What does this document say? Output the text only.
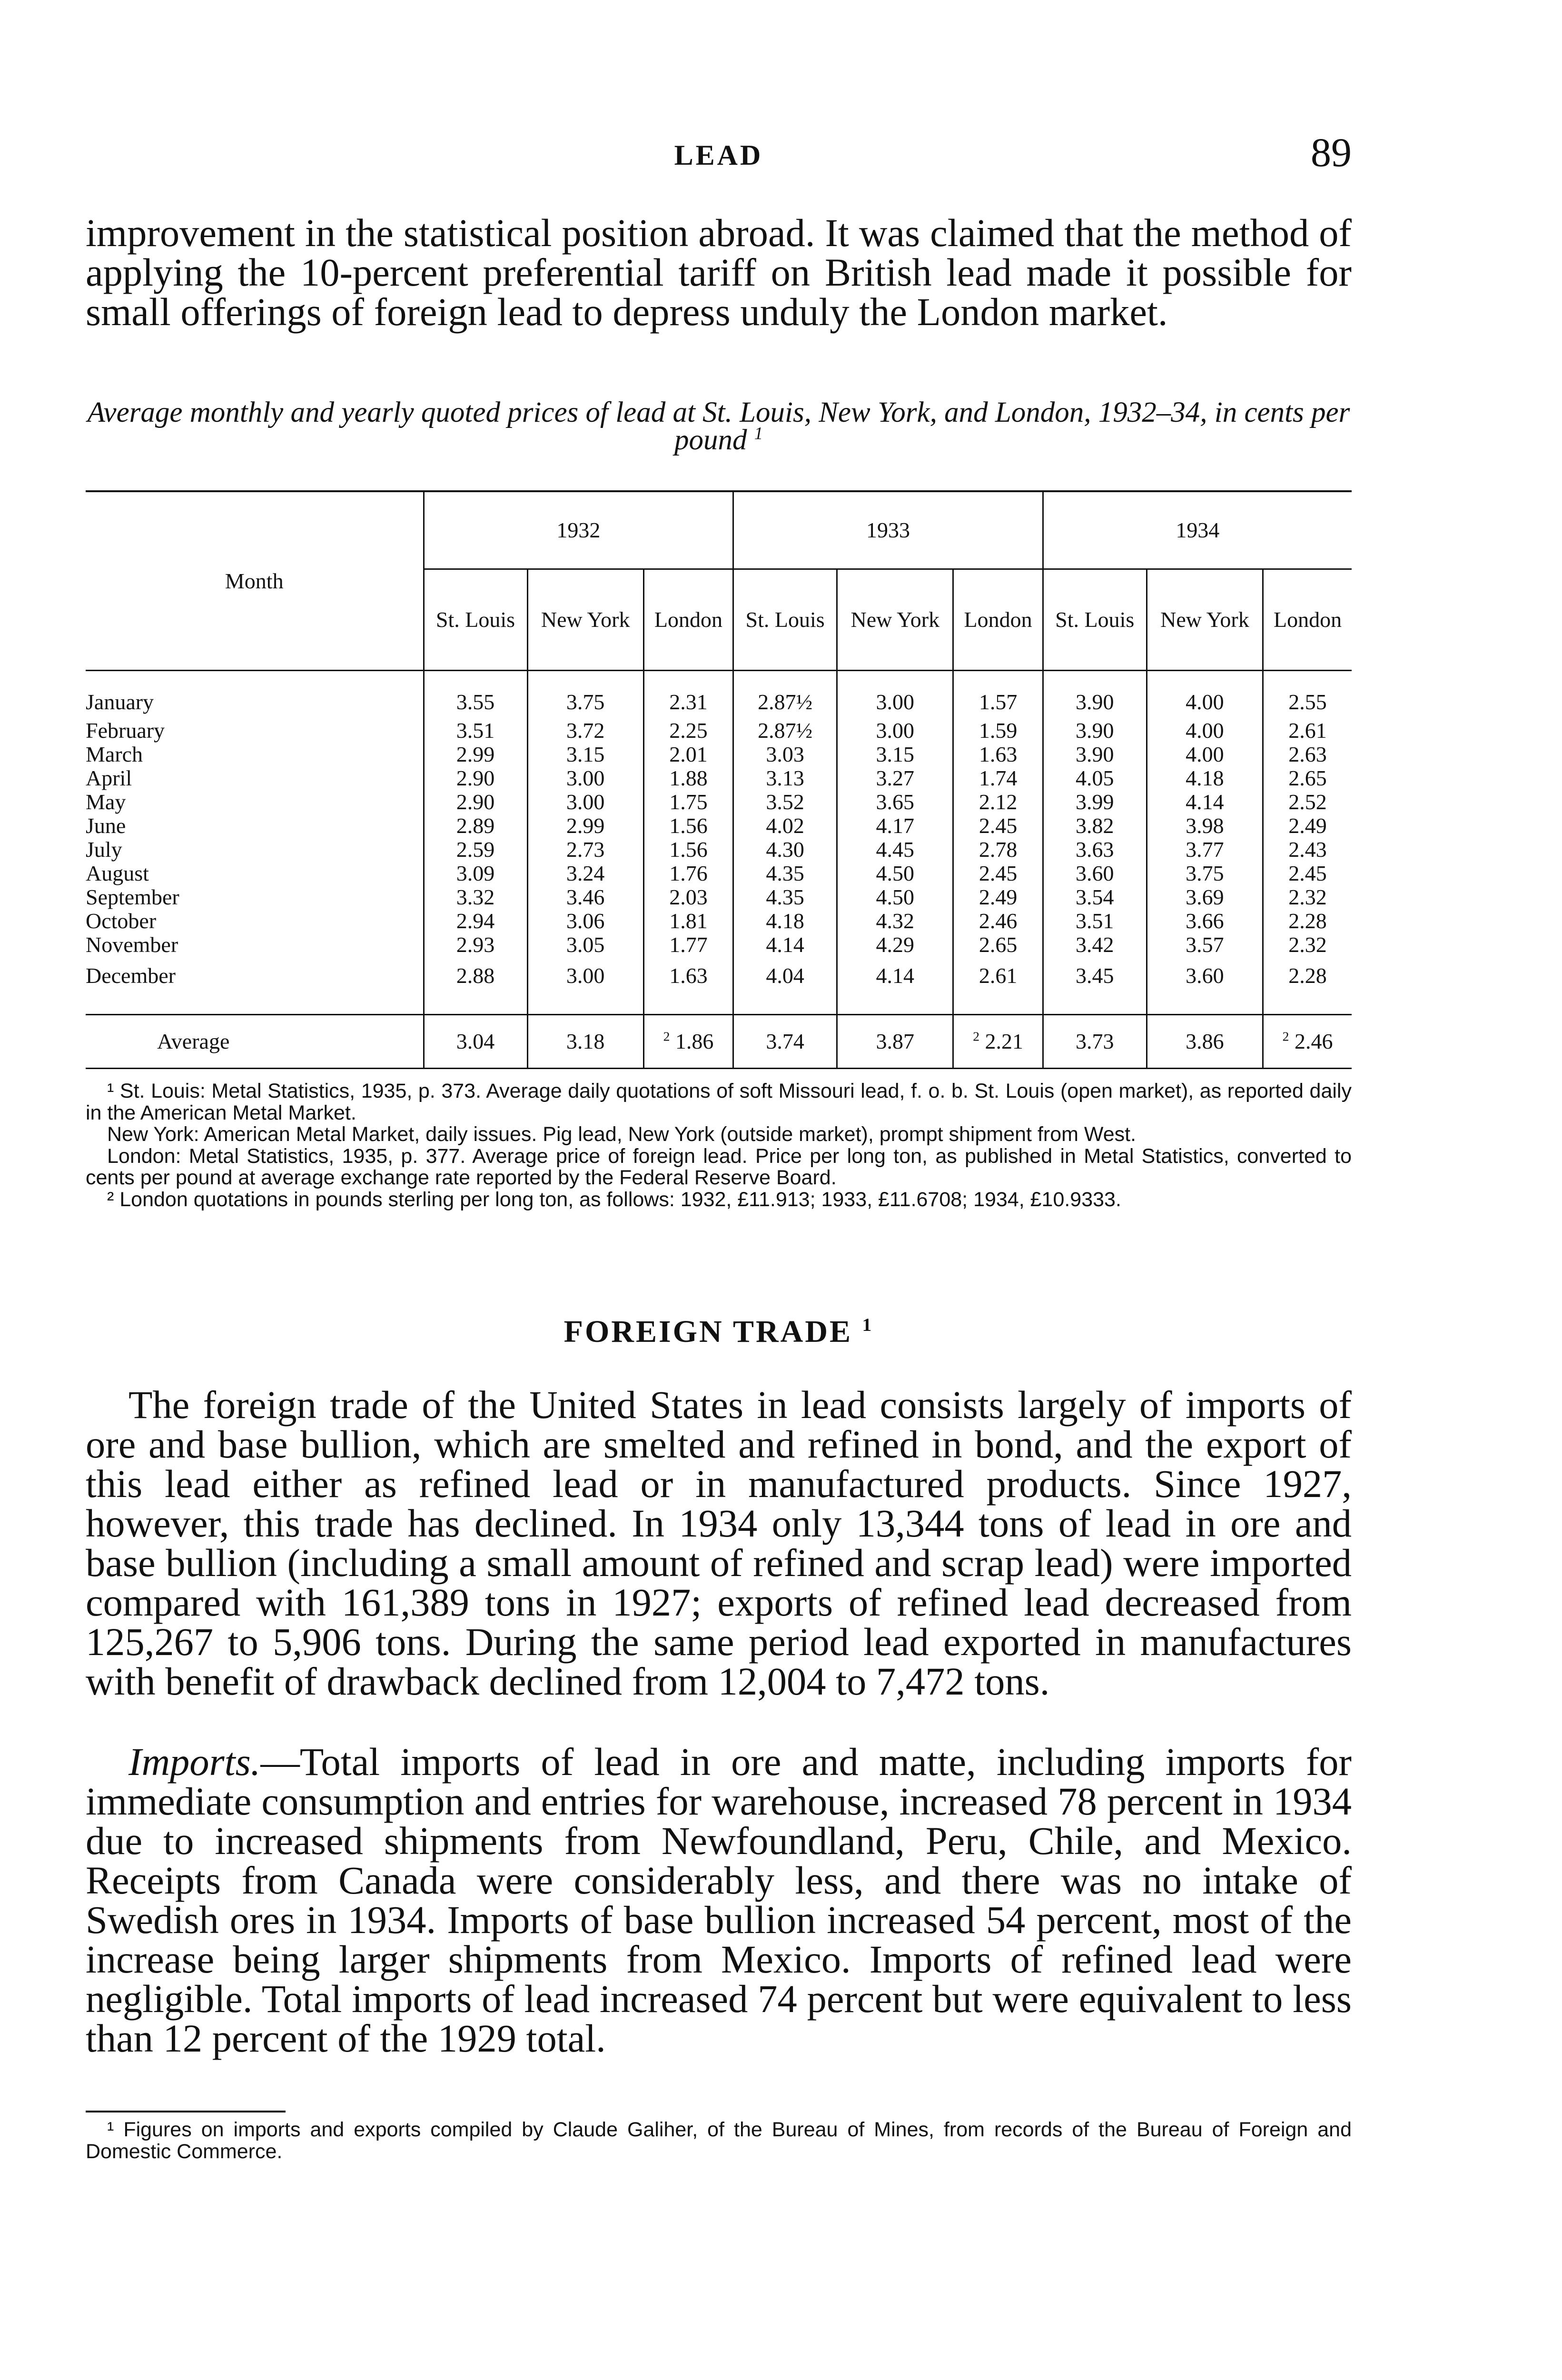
LEAD	89
improvement in the statistical position abroad. It was claimed that the method of applying the 10-percent preferential tariff on British lead made it possible for small offerings of foreign lead to depress unduly the London market.
Average monthly and yearly quoted prices of lead at St. Louis, New York, and London, 1932–34, in cents per pound $^1$
Month	1932			1933			1934		
	St. Louis	New York	London	St. Louis	New York	London	St. Louis	New York	London
January	3.55	3.75	2.31	2.87½	3.00	1.57	3.90	4.00	2.55
February	3.51	3.72	2.25	2.87½	3.00	1.59	3.90	4.00	2.61
March	2.99	3.15	2.01	3.03	3.15	1.63	3.90	4.00	2.63
April	2.90	3.00	1.88	3.13	3.27	1.74	4.05	4.18	2.65
May	2.90	3.00	1.75	3.52	3.65	2.12	3.99	4.14	2.52
June	2.89	2.99	1.56	4.02	4.17	2.45	3.82	3.98	2.49
July	2.59	2.73	1.56	4.30	4.45	2.78	3.63	3.77	2.43
August	3.09	3.24	1.76	4.35	4.50	2.45	3.60	3.75	2.45
September	3.32	3.46	2.03	4.35	4.50	2.49	3.54	3.69	2.32
October	2.94	3.06	1.81	4.18	4.32	2.46	3.51	3.66	2.28
November	2.93	3.05	1.77	4.14	4.29	2.65	3.42	3.57	2.32
December	2.88	3.00	1.63	4.04	4.14	2.61	3.45	3.60	2.28
Average	3.04	3.18	$^2$ 1.86	3.74	3.87	$^2$ 2.21	3.73	3.86	$^2$ 2.46

¹ St. Louis: Metal Statistics, 1935, p. 373. Average daily quotations of soft Missouri lead, f. o. b. St. Louis (open market), as reported daily in the American Metal Market.

New York: American Metal Market, daily issues. Pig lead, New York (outside market), prompt shipment from West.

London: Metal Statistics, 1935, p. 377. Average price of foreign lead. Price per long ton, as published in Metal Statistics, converted to cents per pound at average exchange rate reported by the Federal Reserve Board.

² London quotations in pounds sterling per long ton, as follows: 1932, £11.913; 1933, £11.6708; 1934, £10.9333.

FOREIGN TRADE $^1$

The foreign trade of the United States in lead consists largely of imports of ore and base bullion, which are smelted and refined in bond, and the export of this lead either as refined lead or in manufactured products. Since 1927, however, this trade has declined. In 1934 only 13,344 tons of lead in ore and base bullion (including a small amount of refined and scrap lead) were imported compared with 161,389 tons in 1927; exports of refined lead decreased from 125,267 to 5,906 tons. During the same period lead exported in manufactures with benefit of drawback declined from 12,004 to 7,472 tons.

Imports.—Total imports of lead in ore and matte, including imports for immediate consumption and entries for warehouse, increased 78 percent in 1934 due to increased shipments from Newfoundland, Peru, Chile, and Mexico. Receipts from Canada were considerably less, and there was no intake of Swedish ores in 1934. Imports of base bullion increased 54 percent, most of the increase being larger shipments from Mexico. Imports of refined lead were negligible. Total imports of lead increased 74 percent but were equivalent to less than 12 percent of the 1929 total.

¹ Figures on imports and exports compiled by Claude Galiher, of the Bureau of Mines, from records of the Bureau of Foreign and Domestic Commerce.
